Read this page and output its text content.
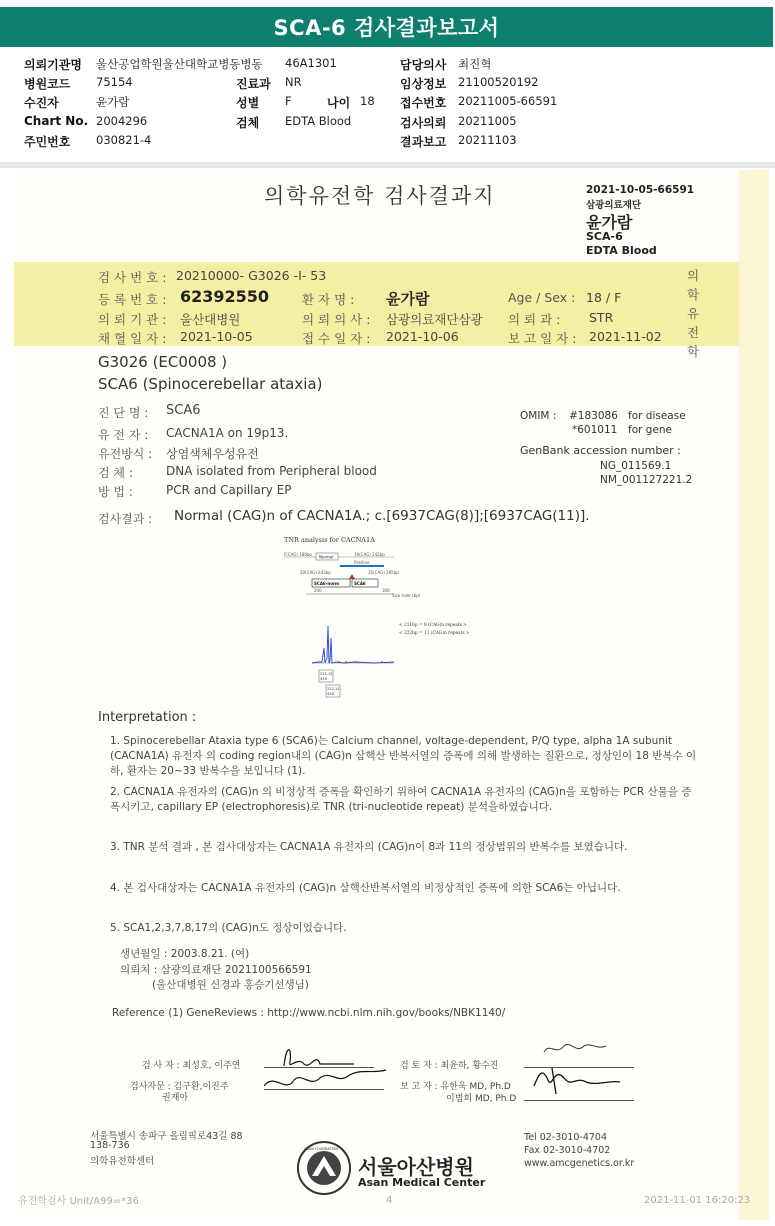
SCA-6 검사결과보고서
의뢰기관명 울산공업학원울산대학교병동병동 46A1301	담당의사 최진혁
병원코드 75154	진료과 NR	임상정보 21100520192
수진자	윤가람	성별 F	나이 18 접수번호 20211005-66591
Chart No. 2004296	검체 EDTA Blood	검사의뢰 20211005
주민번호 030821-4	결과보고 20211103
의학유전학 검사결과지	2021-10-05-66591
삼광의료재단
윤가람
SCA-6
EDTA Blood
검 사 번 호 : 20210000- G3026 -I- 53
등 록 번 호 : 62392550	환 자 명 : 윤가람	Age / Sex : 18 / F
의 뢰 기 관 : 울산대병원	의 뢰 의 사 : 삼광의료재단삼광 의 뢰 과 : STR
채 혈 일 자 : 2021-10-05	접 수 일 자 : 2021-10-06	보 고 일 자 : 2021-11-02
의
학
유
전
학
G3026 (EC0008 )
SCA6 (Spinocerebellar ataxia)
진 단 명 : SCA6
유 전 자 : CACNA1A on 19p13.
유전방식 : 상염색체우성유전
검 체 :	DNA isolated from Peripheral blood
방 법 :	PCR and Capillary EP
OMIM : #183086 for disease
*601011 for gene
GenBank accession number :
NG_011569.1
NM_001127221.2
검사결과 : Normal (CAG)n of CACNA1A.; c.[6937CAG(8)];[6937CAG(11)].
TNR analysis for CACNA1A
F(CAG) 186bp Normal	19(CAG) 242bp
Positive
20(CAG) 243bp	35(CAG) 285bp
SCA6-norm	SCA6
200	300
Size ruler (bp)
< 211bp = 8 (CAG)n repeats >
< 222bp = 11 (CAG)n repeats >
211.15
339
222.11
436
Interpretation :
1. Spinocerebellar Ataxia type 6 (SCA6)는 Calcium channel, voltage-dependent, P/Q type, alpha 1A subunit (CACNA1A) 유전자 의 coding region내의 (CAG)n 삼핵산 반복서열의 증폭에 의해 발생하는 질환으로, 정상인이 18 반복수 이하, 환자는 20~33 반복수을 보입니다 (1).
2. CACNA1A 유전자의 (CAG)n 의 비정상적 증폭을 확인하기 위하여 CACNA1A 유전자의 (CAG)n을 포함하는 PCR 산물을 증폭시키고, capillary EP (electrophoresis)로 TNR (tri-nucleotide repeat) 분석을하였습니다.
3. TNR 분석 결과 , 본 검사대상자는 CACNA1A 유전자의 (CAG)n이 8과 11의 정상범위의 반복수를 보였습니다.
4. 본 검사대상자는 CACNA1A 유전자의 (CAG)n 삼핵산반복서열의 비정상적인 증폭에 의한 SCA6는 아닙니다.
5. SCA1,2,3,7,8,17의 (CAG)n도 정상이었습니다.
생년월일 : 2003.8.21. (여)
의뢰처 : 삼광의료재단 2021100566591
(울산대병원 신경과 홍승기선생님)
Reference (1) GeneReviews : http://www.ncbi.nlm.nih.gov/books/NBK1140/
검 사 자 : 최성호, 이주연	검 토 자 : 최윤하, 황수진
검사자문 : 김구환,이진주
권재아
보 고 자 : 유한욱 MD, Ph.D
이범희 MD, Ph.D
서울특별시 송파구 올림픽로43길 88
138-736
의학유전학센터
ASAN FOUNDATION
서울아산병원
Asan Medical Center
Tel 02-3010-4704
Fax 02-3010-4702
www.amcgenetics.or.kr
유전학검사 Unit/A99=*36	4	2021-11-01 16:20:23
